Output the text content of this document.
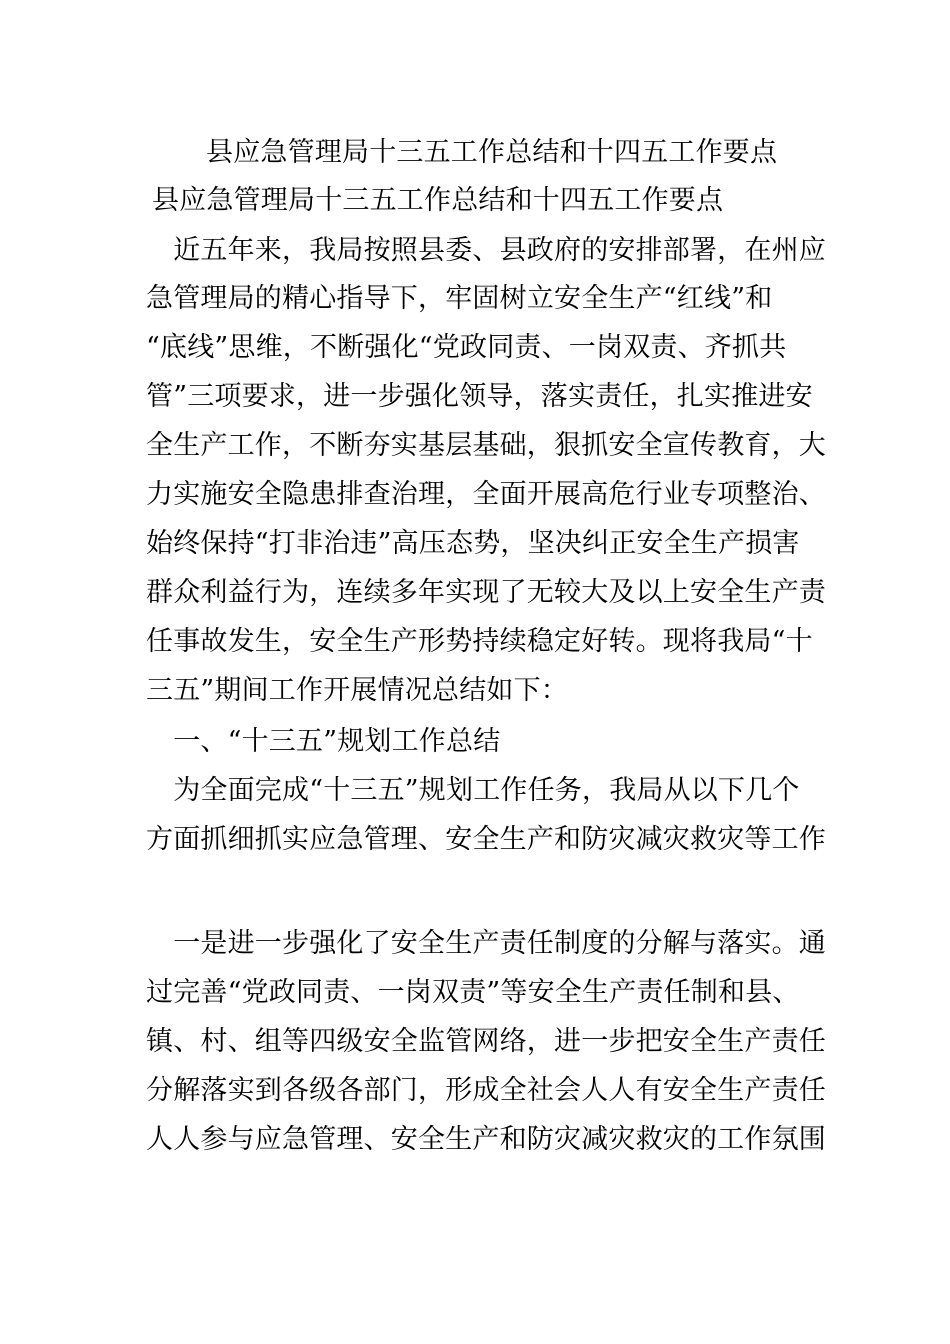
县应急管理局十三五工作总结和十四五工作要点
县应急管理局十三五工作总结和十四五工作要点
　近五年来，我局按照县委、县政府的安排部署，在州应
急管理局的精心指导下，牢固树立安全生产“红线”和
“底线”思维，不断强化“党政同责、一岗双责、齐抓共
管”三项要求，进一步强化领导，落实责任，扎实推进安
全生产工作，不断夯实基层基础，狠抓安全宣传教育，大
力实施安全隐患排查治理，全面开展高危行业专项整治、
始终保持“打非治违”高压态势，坚决纠正安全生产损害
群众利益行为，连续多年实现了无较大及以上安全生产责
任事故发生，安全生产形势持续稳定好转。现将我局“十
三五”期间工作开展情况总结如下：
　一、“十三五”规划工作总结
　为全面完成“十三五”规划工作任务，我局从以下几个
方面抓细抓实应急管理、安全生产和防灾减灾救灾等工作
　一是进一步强化了安全生产责任制度的分解与落实。通
过完善“党政同责、一岗双责”等安全生产责任制和县、
镇、村、组等四级安全监管网络，进一步把安全生产责任
分解落实到各级各部门，形成全社会人人有安全生产责任
人人参与应急管理、安全生产和防灾减灾救灾的工作氛围
